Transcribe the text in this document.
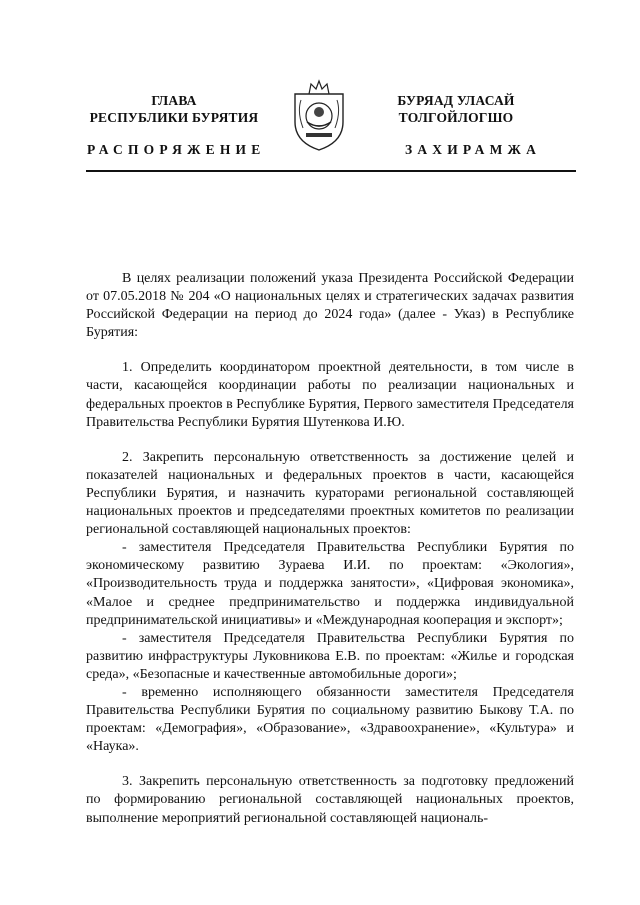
ГЛАВА
РЕСПУБЛИКИ БУРЯТИЯ
БУРЯАД УЛАСАЙ
ТОЛГОЙЛОГШО
РАСПОРЯЖЕНИЕ	ЗАХИРАМЖА

В целях реализации положений указа Президента Российской Федерации от 07.05.2018 № 204 «О национальных целях и стратегических задачах развития Российской Федерации на период до 2024 года» (далее - Указ) в Республике Бурятия:

1. Определить координатором проектной деятельности, в том числе в части, касающейся координации работы по реализации национальных и федеральных проектов в Республике Бурятия, Первого заместителя Председателя Правительства Республики Бурятия Шутенкова И.Ю.

2. Закрепить персональную ответственность за достижение целей и показателей национальных и федеральных проектов в части, касающейся Республики Бурятия, и назначить кураторами региональной составляющей национальных проектов и председателями проектных комитетов по реализации региональной составляющей национальных проектов:

- заместителя Председателя Правительства Республики Бурятия по экономическому развитию Зураева И.И. по проектам: «Экология», «Производительность труда и поддержка занятости», «Цифровая экономика», «Малое и среднее предпринимательство и поддержка индивидуальной предпринимательской инициативы» и «Международная кооперация и экспорт»;

- заместителя Председателя Правительства Республики Бурятия по развитию инфраструктуры Луковникова Е.В. по проектам: «Жилье и городская среда», «Безопасные и качественные автомобильные дороги»;

- временно исполняющего обязанности заместителя Председателя Правительства Республики Бурятия по социальному развитию Быкову Т.А. по проектам: «Демография», «Образование», «Здравоохранение», «Культура» и «Наука».

3. Закрепить персональную ответственность за подготовку предложений по формированию региональной составляющей национальных проектов, выполнение мероприятий региональной составляющей националь-
